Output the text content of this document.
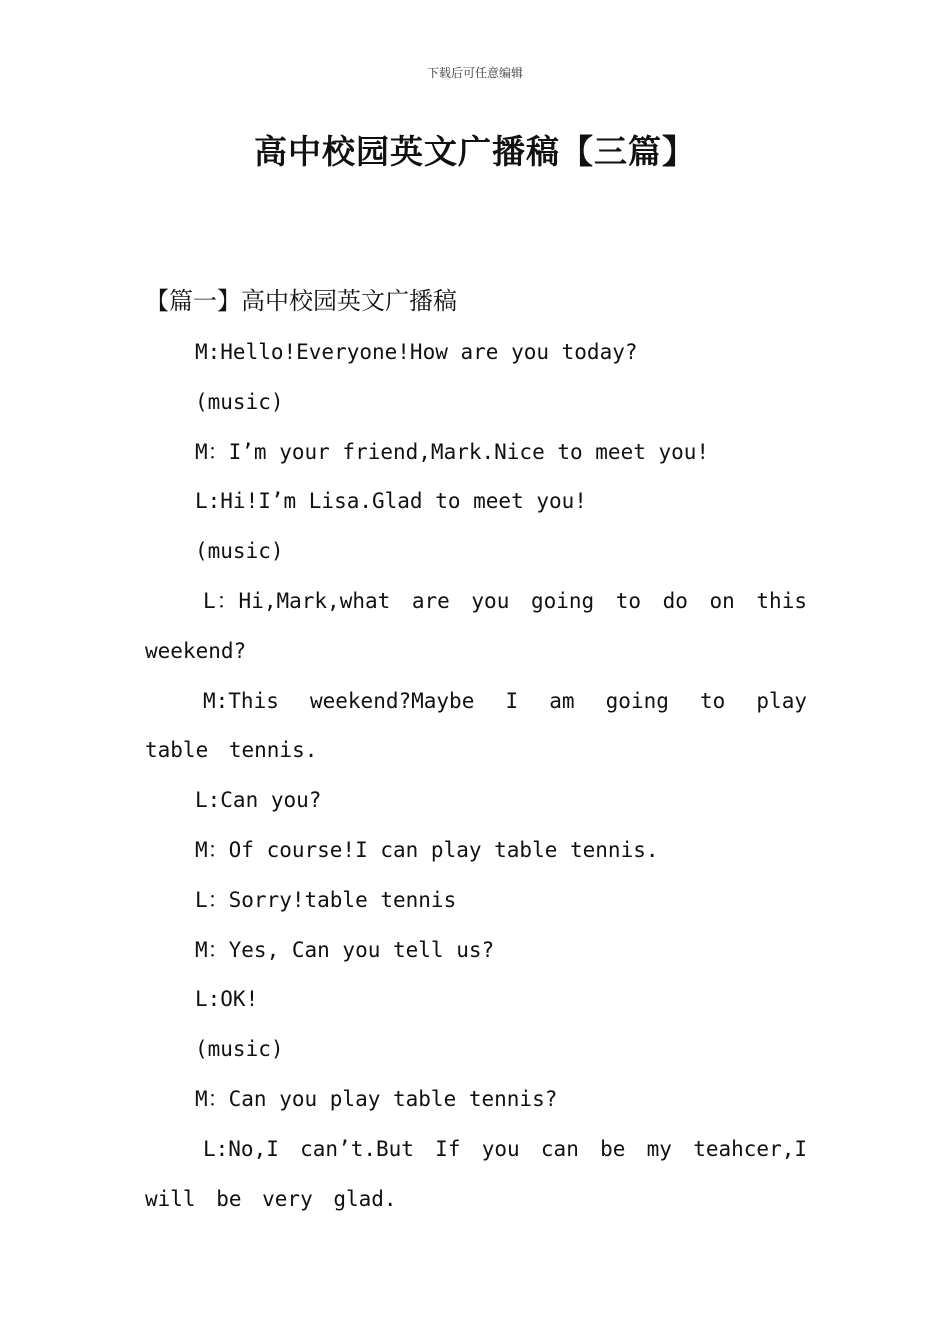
下载后可任意编辑
高中校园英文广播稿【三篇】
【篇一】高中校园英文广播稿
M:Hello!Everyone!How are you today?
(music)
M：I’m your friend,Mark.Nice to meet you!
L:Hi!I’m Lisa.Glad to meet you!
(music)
L：Hi,Mark,what are you going to do on this weekend?
M:This weekend?Maybe I am going to play table tennis.
L:Can you?
M：Of course!I can play table tennis.
L：Sorry!table tennis
M：Yes, Can you tell us?
L:OK!
(music)
M：Can you play table tennis?
L:No,I can’t.But If you can be my teahcer,I will be very glad.
